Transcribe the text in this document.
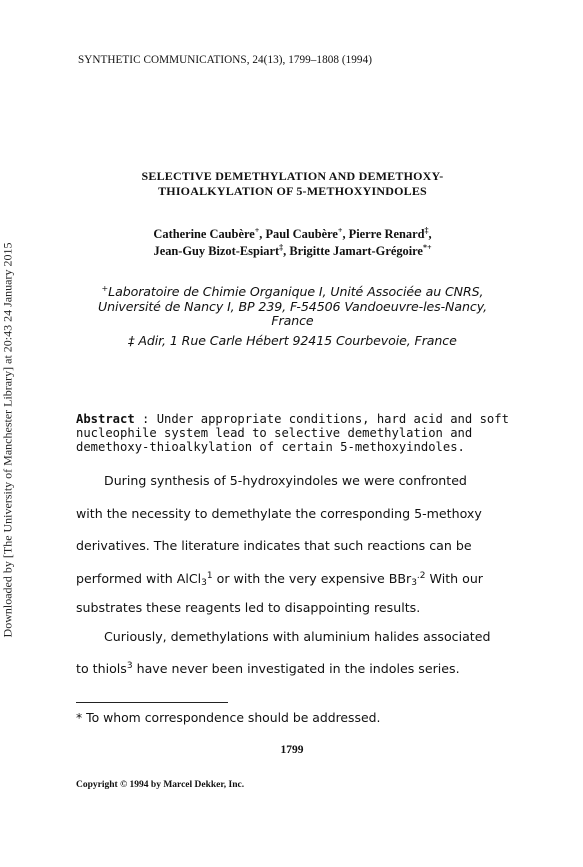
Downloaded by [The University of Manchester Library] at 20:43 24 January 2015
SYNTHETIC COMMUNICATIONS, 24(13), 1799–1808 (1994)
SELECTIVE DEMETHYLATION AND DEMETHOXY-
THIOALKYLATION OF 5-METHOXYINDOLES
Catherine Caubère+, Paul Caubère+, Pierre Renard‡,
Jean-Guy Bizot-Espiart‡, Brigitte Jamart-Grégoire*+
+Laboratoire de Chimie Organique I, Unité Associée au CNRS,
Université de Nancy I, BP 239, F-54506 Vandoeuvre-les-Nancy,
France
‡ Adir, 1 Rue Carle Hébert 92415 Courbevoie, France
Abstract : Under appropriate conditions, hard acid and soft
nucleophile system lead to selective demethylation and
demethoxy-thioalkylation of certain 5-methoxyindoles.
During synthesis of 5-hydroxyindoles we were confronted
with the necessity to demethylate the corresponding 5-methoxy
derivatives. The literature indicates that such reactions can be
performed with AlCl$_3^1$ or with the very expensive BBr$_3^{.2}$ With our
substrates these reagents led to disappointing results.
Curiously, demethylations with aluminium halides associated
to thiols$^3$ have never been investigated in the indoles series.
* To whom correspondence should be addressed.
1799
Copyright © 1994 by Marcel Dekker, Inc.
